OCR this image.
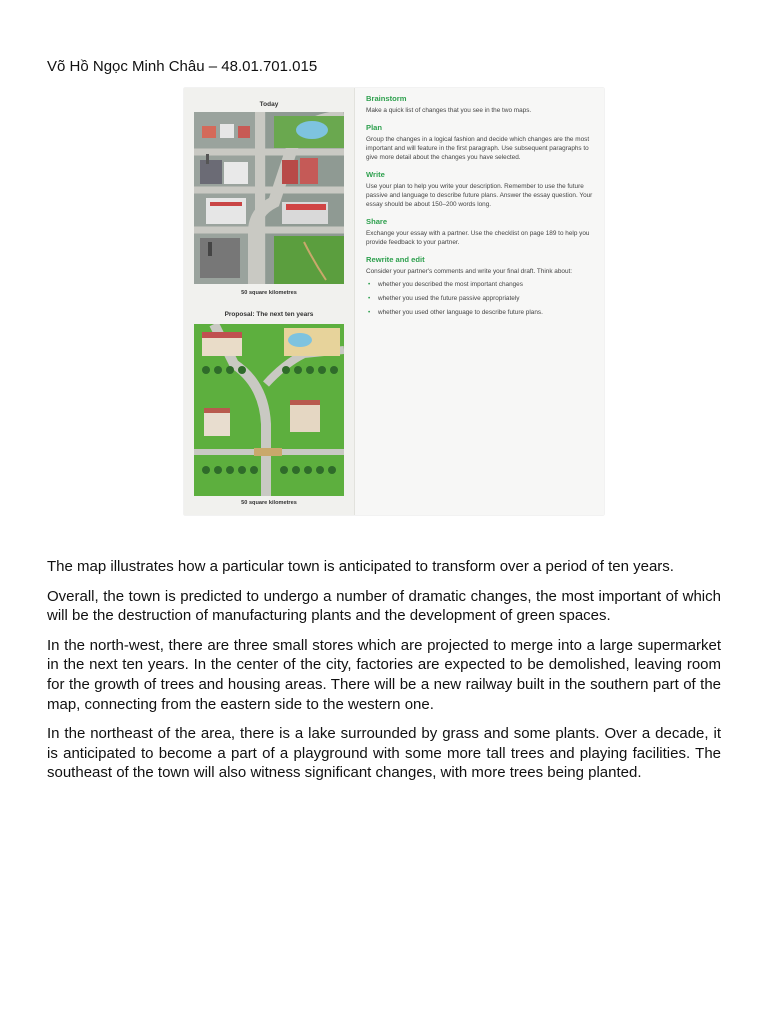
Võ Hồ Ngọc Minh Châu – 48.01.701.015
Today
50 square kilometres
Proposal: The next ten years
50 square kilometres
Brainstorm
Make a quick list of changes that you see in the two maps.
Plan
Group the changes in a logical fashion and decide which changes are the most important and will feature in the first paragraph. Use subsequent paragraphs to give more detail about the changes you have selected.
Write
Use your plan to help you write your description. Remember to use the future passive and language to describe future plans. Answer the essay question. Your essay should be about 150–200 words long.
Share
Exchange your essay with a partner. Use the checklist on page 189 to help you provide feedback to your partner.
Rewrite and edit
Consider your partner's comments and write your final draft. Think about:
• whether you described the most important changes
• whether you used the future passive appropriately
• whether you used other language to describe future plans.

The map illustrates how a particular town is anticipated to transform over a period of ten years.

Overall, the town is predicted to undergo a number of dramatic changes, the most important of which will be the destruction of manufacturing plants and the development of green spaces.

In the north-west, there are three small stores which are projected to merge into a large supermarket in the next ten years. In the center of the city, factories are expected to be demolished, leaving room for the growth of trees and housing areas. There will be a new railway built in the southern part of the map, connecting from the eastern side to the western one.

In the northeast of the area, there is a lake surrounded by grass and some plants. Over a decade, it is anticipated to become a part of a playground with some more tall trees and playing facilities. The southeast of the town will also witness significant changes, with more trees being planted.
